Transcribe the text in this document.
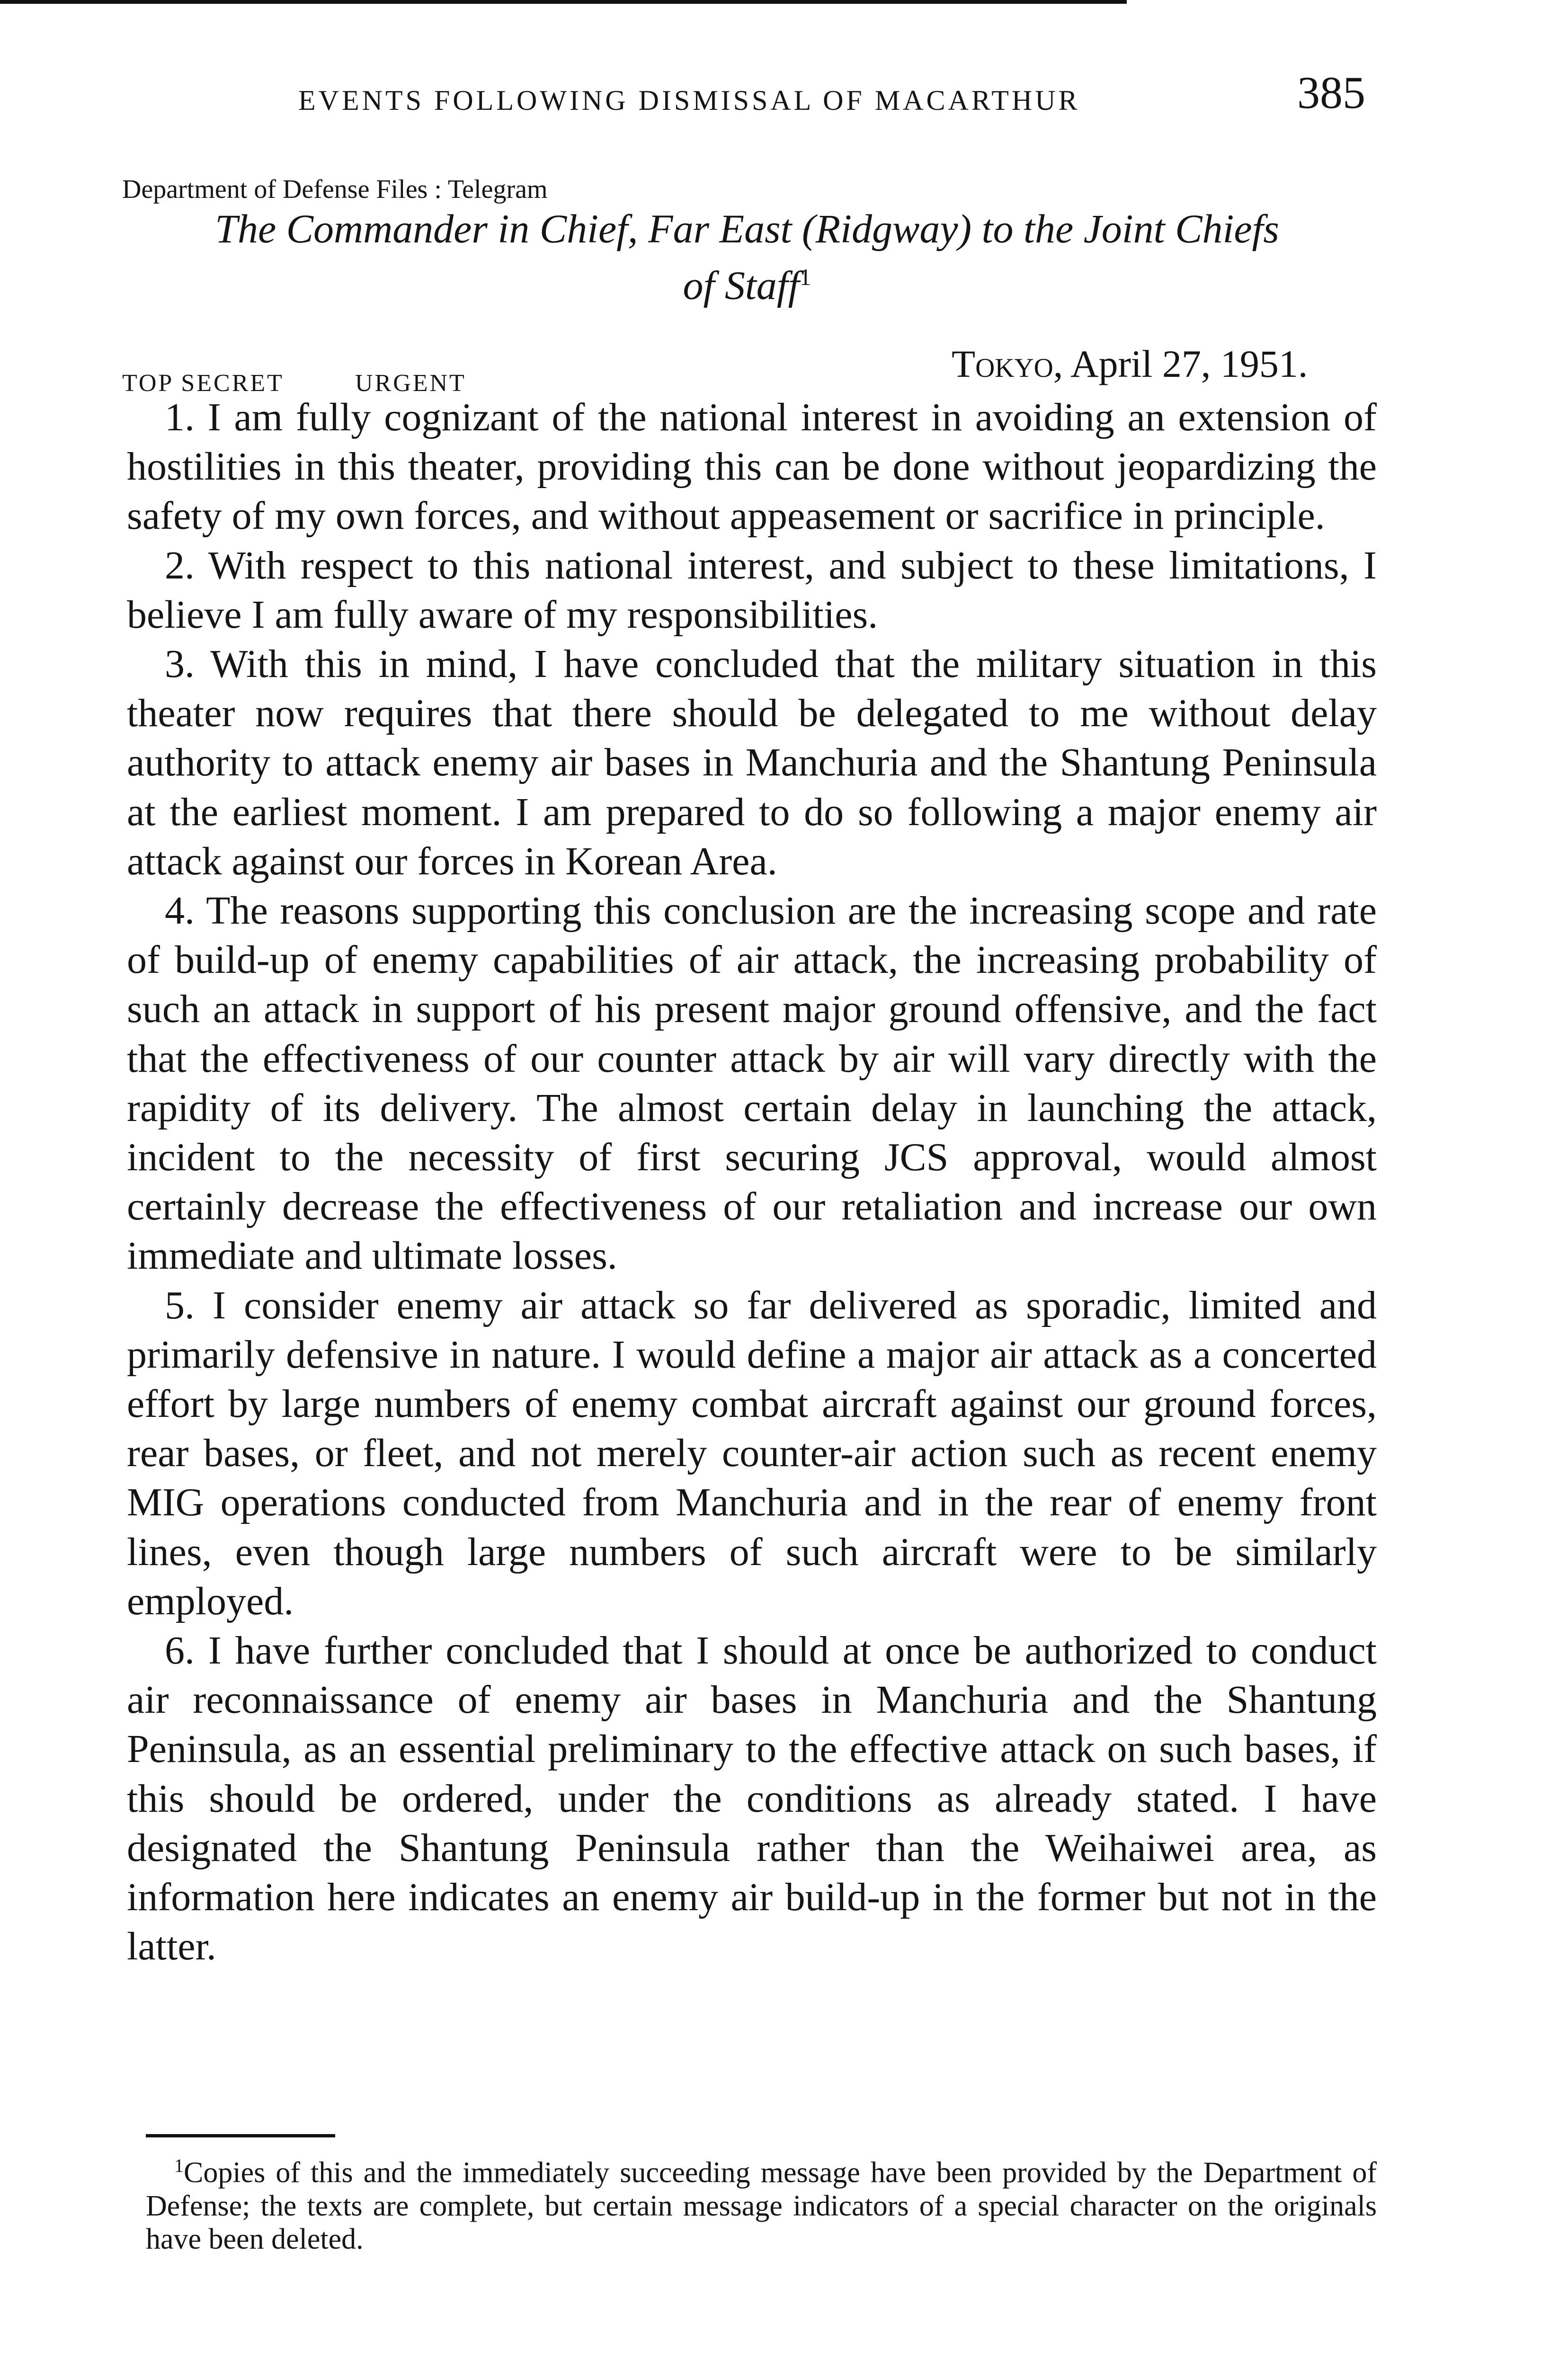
EVENTS FOLLOWING DISMISSAL OF MACARTHUR	385
Department of Defense Files : Telegram
The Commander in Chief, Far East (Ridgway) to the Joint Chiefs
of Staff$^1$
TOP SECRET	URGENT	Tokyo, April 27, 1951.

1. I am fully cognizant of the national interest in avoiding an extension of hostilities in this theater, providing this can be done without jeopardizing the safety of my own forces, and without appeasement or sacrifice in principle.

2. With respect to this national interest, and subject to these limitations, I believe I am fully aware of my responsibilities.

3. With this in mind, I have concluded that the military situation in this theater now requires that there should be delegated to me without delay authority to attack enemy air bases in Manchuria and the Shantung Peninsula at the earliest moment. I am prepared to do so following a major enemy air attack against our forces in Korean Area.

4. The reasons supporting this conclusion are the increasing scope and rate of build-up of enemy capabilities of air attack, the increasing probability of such an attack in support of his present major ground offensive, and the fact that the effectiveness of our counter attack by air will vary directly with the rapidity of its delivery. The almost certain delay in launching the attack, incident to the necessity of first securing JCS approval, would almost certainly decrease the effectiveness of our retaliation and increase our own immediate and ultimate losses.

5. I consider enemy air attack so far delivered as sporadic, limited and primarily defensive in nature. I would define a major air attack as a concerted effort by large numbers of enemy combat aircraft against our ground forces, rear bases, or fleet, and not merely counter-air action such as recent enemy MIG operations conducted from Manchuria and in the rear of enemy front lines, even though large numbers of such aircraft were to be similarly employed.

6. I have further concluded that I should at once be authorized to conduct air reconnaissance of enemy air bases in Manchuria and the Shantung Peninsula, as an essential preliminary to the effective attack on such bases, if this should be ordered, under the conditions as already stated. I have designated the Shantung Peninsula rather than the Weihaiwei area, as information here indicates an enemy air build-up in the former but not in the latter.

$^1$Copies of this and the immediately succeeding message have been provided by the Department of Defense; the texts are complete, but certain message indicators of a special character on the originals have been deleted.
